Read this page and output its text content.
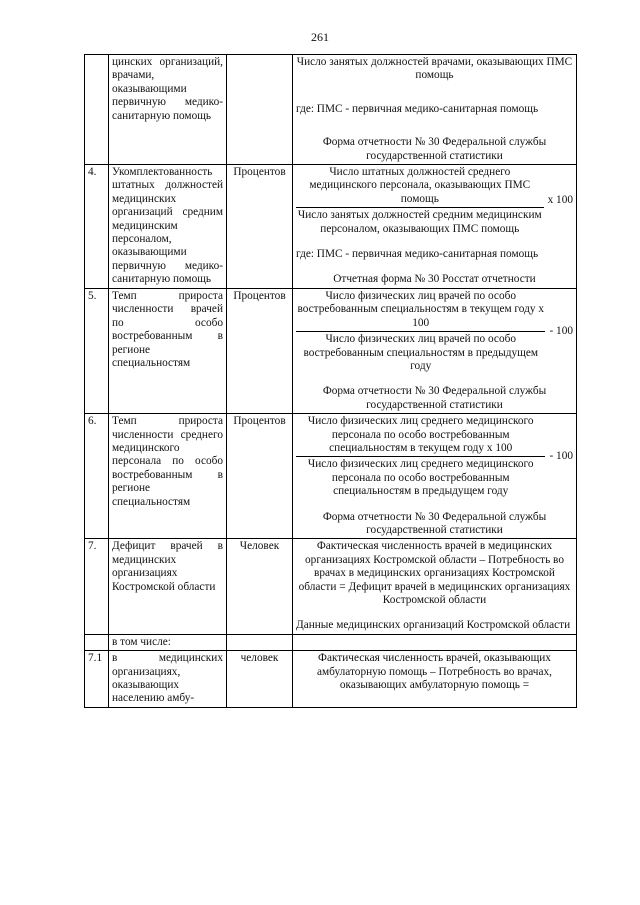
261
	цинских организаций, врачами, оказывающими первичную медико-санитарную помощь		Число занятых должностей врачами, оказывающих ПМС помощь
где: ПМС - первичная медико-санитарная помощь
Форма отчетности № 30 Федеральной службы государственной статистики

4.	Укомплектованность штатных должностей медицинских организаций средним медицинским персоналом, оказывающими первичную медико-санитарную помощь	Процентов	Число штатных должностей среднего медицинского персонала, оказывающих ПМС помощь
Число занятых должностей средним медицинским персоналом, оказывающих ПМС помощь
x 100
где: ПМС - первичная медико-санитарная помощь
Отчетная форма № 30 Росстат отчетности

5.	Темп прироста численности врачей по особо востребованным в регионе специальностям	Процентов	Число физических лиц врачей по особо востребованным специальностям в текущем году x 100
Число физических лиц врачей по особо востребованным специальностям в предыдущем году
- 100
Форма отчетности № 30 Федеральной службы государственной статистики

6.	Темп прироста численности среднего медицинского персонала по особо востребованным в регионе специальностям	Процентов	Число физических лиц среднего медицинского персонала по особо востребованным специальностям в текущем году x 100
Число физических лиц среднего медицинского персонала по особо востребованным специальностям в предыдущем году
- 100
Форма отчетности № 30 Федеральной службы государственной статистики

7.	Дефицит врачей в медицинских организациях Костромской области	Человек	Фактическая численность врачей в медицинских организациях Костромской области – Потребность во врачах в медицинских организациях Костромской области = Дефицит врачей в медицинских организациях Костромской области
Данные медицинских организаций Костромской области

	в том числе:		
7.1	в медицинских организациях, оказывающих населению амбу-	человек	Фактическая численность врачей, оказывающих амбулаторную помощь – Потребность во врачах, оказывающих амбулаторную помощь =
